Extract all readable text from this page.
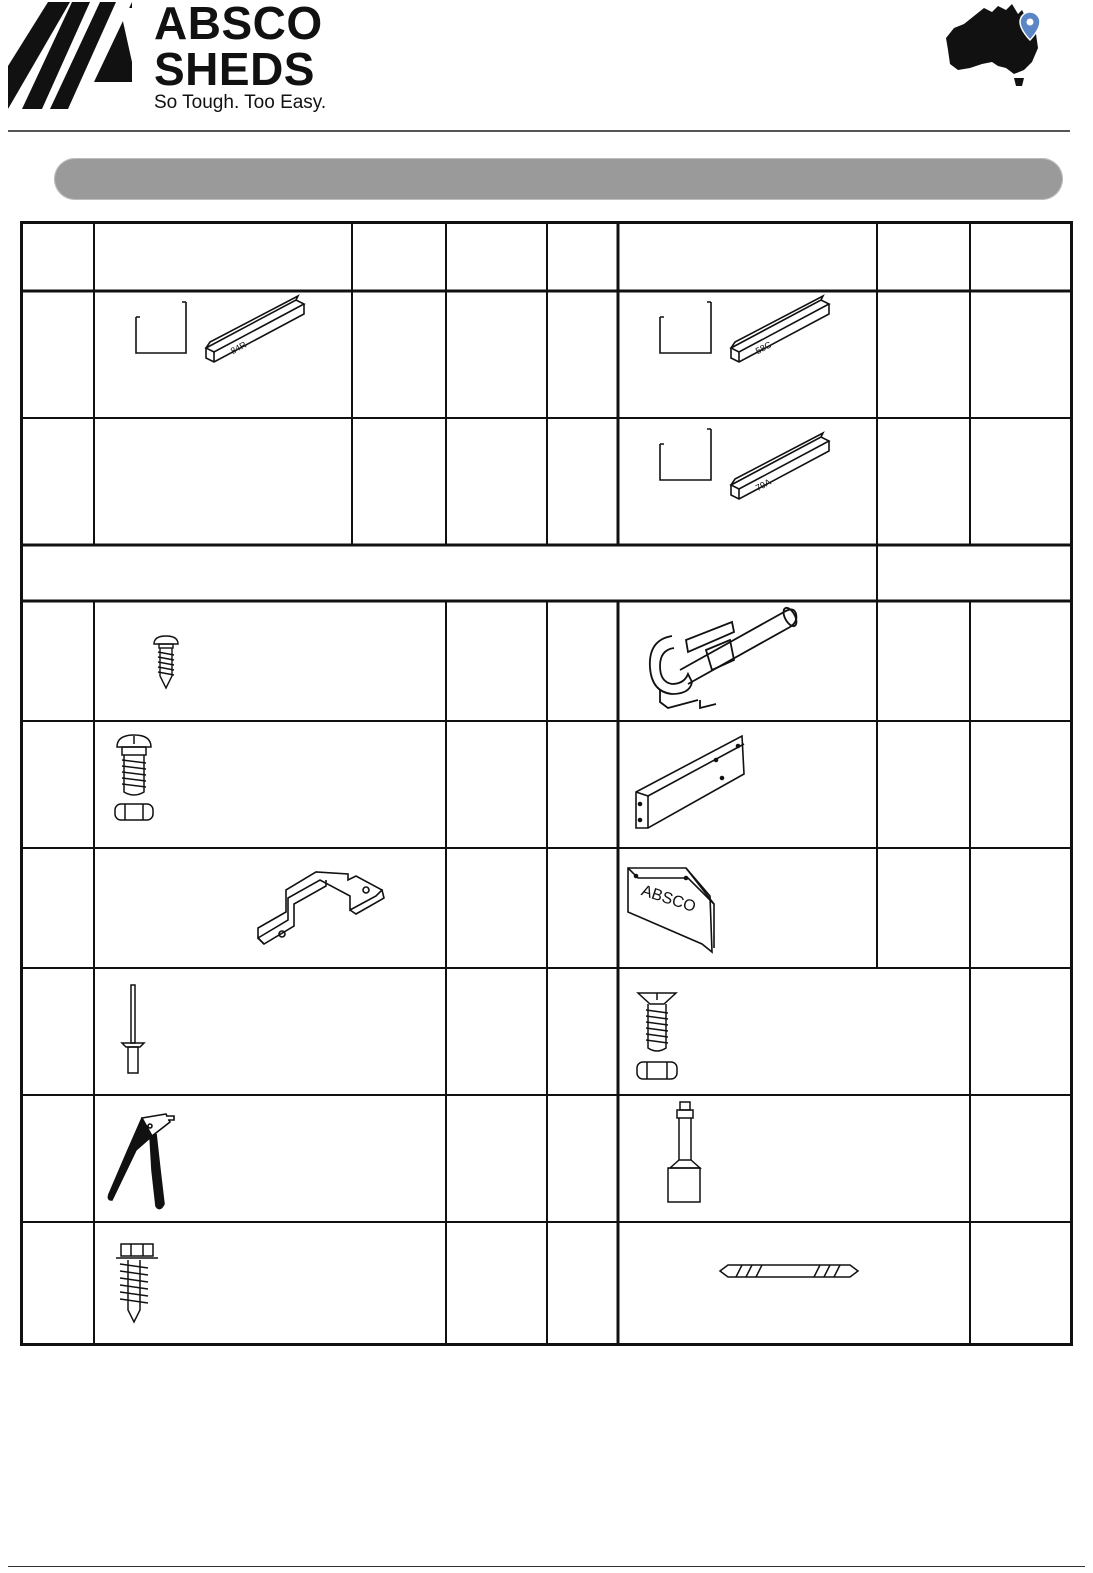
ABSCO
SHEDS
So Tough. Too Easy.
84R	58C
79A
ABSCO
